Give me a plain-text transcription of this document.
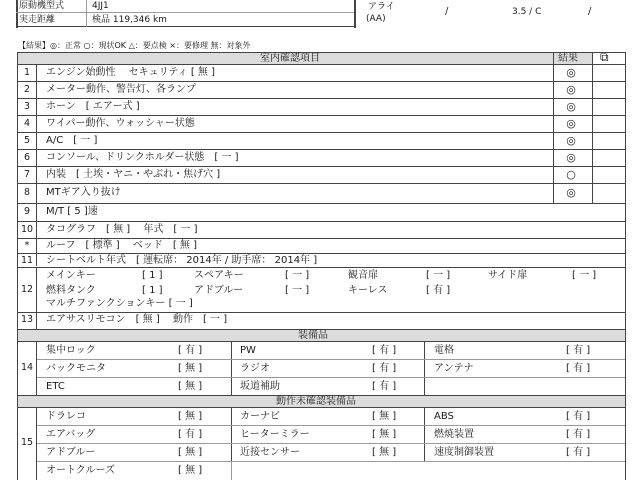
原動機型式	4JJ1
実走距離	検品 119,346 km
アライ
(AA)
/	3.5 / C	/
【結果】◎：正常 ○：現状OK △：要点検 ×：要修理 無：対象外
室内確認項目	結果 ⧉
1	エンジン始動性　 セキュリティ [ 無 ]	◎
2	メーター動作、警告灯、各ランプ	◎
3	ホーン　[ エアー式 ]	◎
4	ワイパー動作、ウォッシャー状態	◎
5	A/C　[ 一 ]	◎
6	コンソール、ドリンクホルダー状態　[ 一 ]	◎
7	内装　[ 土埃・ヤニ・やぶれ・焦げ穴 ]	○
8	MTギア入り抜け	◎
9	M/T [ 5 ]速
10 タコグラフ　[ 無 ]　 年式　[ 一 ]
*	ルーフ　[ 標準 ]　 ベッド　[ 無 ]
11 シートベルト年式　[ 運転席： 2014年 / 助手席： 2014年 ]
12
メインキー	[ 1 ]	スペアキー	[ 一 ]	観音扉	[ 一 ]	サイド扉	[ 一 ]
燃料タンク	[ 1 ]	アドブルー	[ 一 ]	キーレス	[ 有 ]
マルチファンクションキー [ 一 ]
13 エアサスリモコン　[ 無 ]　 動作　[ 一 ]
装備品
14
集中ロック	[ 有 ]	PW	[ 有 ]	電格	[ 有 ]
バックモニタ	[ 無 ]	ラジオ	[ 有 ]	アンテナ	[ 有 ]
ETC	[ 無 ]	坂道補助	[ 有 ]
動作未確認装備品
15
ドラレコ	[ 無 ]	カーナビ	[ 無 ]	ABS	[ 有 ]
エアバッグ	[ 有 ]	ヒーターミラー	[ 無 ]	燃焼装置	[ 有 ]
アドブルー	[ 無 ]	近接センサー	[ 無 ]	速度制御装置	[ 有 ]
オートクルーズ	[ 無 ]
